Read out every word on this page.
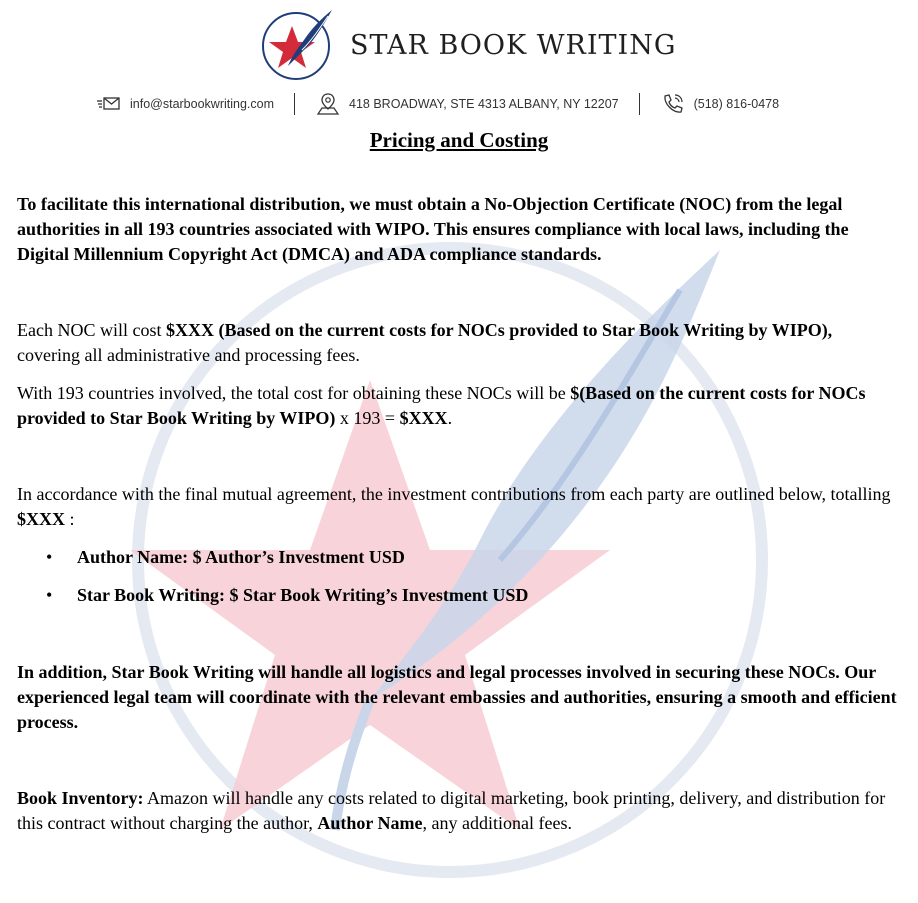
STAR BOOK WRITING
info@starbookwriting.com	418 BROADWAY, STE 4313 ALBANY, NY 12207	(518) 816-0478
Pricing and Costing

To facilitate this international distribution, we must obtain a No-Objection Certificate (NOC) from the legal authorities in all 193 countries associated with WIPO. This ensures compliance with local laws, including the Digital Millennium Copyright Act (DMCA) and ADA compliance standards.

Each NOC will cost $XXX (Based on the current costs for NOCs provided to Star Book Writing by WIPO), covering all administrative and processing fees.

With 193 countries involved, the total cost for obtaining these NOCs will be $(Based on the current costs for NOCs provided to Star Book Writing by WIPO) x 193 = $XXX.

In accordance with the final mutual agreement, the investment contributions from each party are outlined below, totalling $XXX :

• Author Name: $ Author’s Investment USD
• Star Book Writing: $ Star Book Writing’s Investment USD

In addition, Star Book Writing will handle all logistics and legal processes involved in securing these NOCs. Our experienced legal team will coordinate with the relevant embassies and authorities, ensuring a smooth and efficient process.

Book Inventory: Amazon will handle any costs related to digital marketing, book printing, delivery, and distribution for this contract without charging the author, Author Name, any additional fees.
